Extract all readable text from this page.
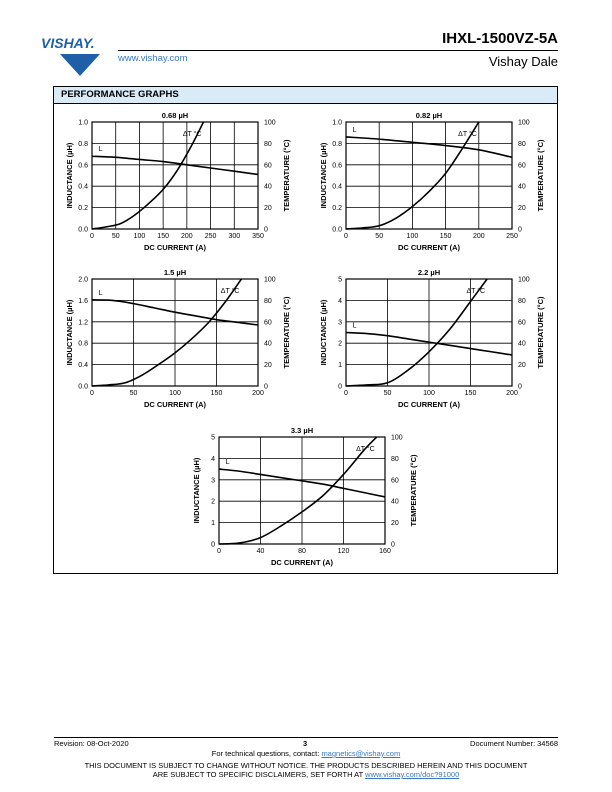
VISHAY.
www.vishay.com
IHXL-1500VZ-5A
Vishay Dale
PERFORMANCE GRAPHS
0.68 µH
0	50 100 150 200 250 300 350
0.0	0
0.2	20
0.4	40
0.6	60
0.8	80
1.0	100
DC CURRENT (A)
INDUCTANCE (µH)	TEMPERATURE (°C)
L
ΔT °C
0.82 µH
0	50	100	150	200	250
0.0	0
0.2	20
0.4	40
0.6	60
0.8	80
1.0	100
DC CURRENT (A)
INDUCTANCE (µH)	TEMPERATURE (°C)
L
ΔT °C
1.5 µH
0	50	100	150	200
0.0	0
0.4	20
0.8	40
1.2	60
1.6	80
2.0	100
DC CURRENT (A)
INDUCTANCE (µH)	TEMPERATURE (°C)
L	ΔT °C
2.2 µH
0	50	100	150	200
0	0
1	20
2	40
3	60
4	80
5	100
DC CURRENT (A)
INDUCTANCE (µH)	TEMPERATURE (°C)
L
ΔT °C
3.3 µH
0	40	80	120	160
0	0
1	20
2	40
3	60
4	80
5	100
DC CURRENT (A)
INDUCTANCE (µH)	TEMPERATURE (°C)
L
ΔT °C
Revision: 08-Oct-2020	3	Document Number: 34568
For technical questions, contact: magnetics@vishay.com
THIS DOCUMENT IS SUBJECT TO CHANGE WITHOUT NOTICE. THE PRODUCTS DESCRIBED HEREIN AND THIS DOCUMENT
ARE SUBJECT TO SPECIFIC DISCLAIMERS, SET FORTH AT www.vishay.com/doc?91000
